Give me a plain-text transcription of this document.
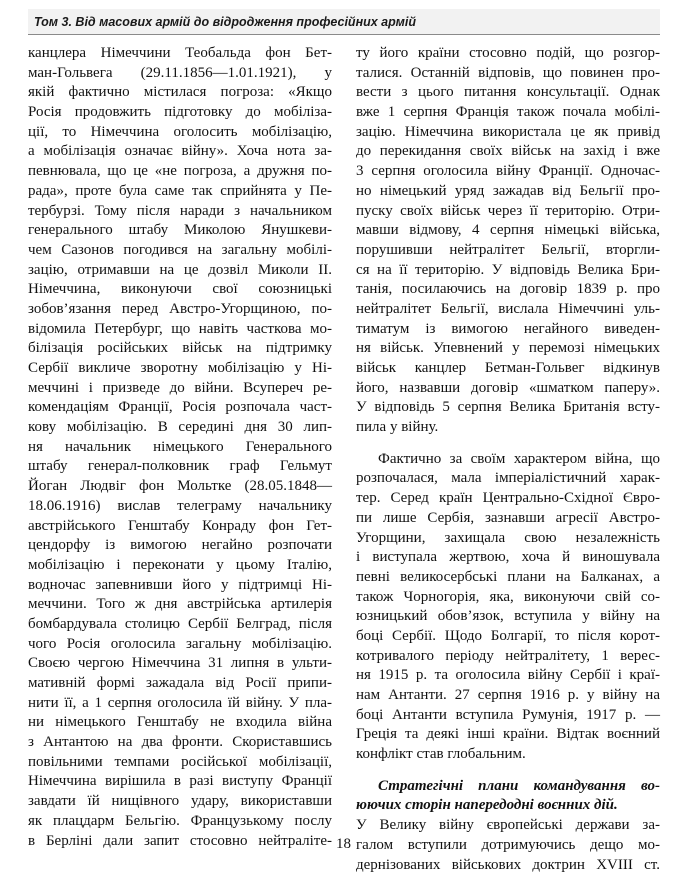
Том 3. Від масових армій до відродження професійних армій
канцлера Німеччини Теобальда фон Бет-
ман-Гольвега (29.11.1856—1.01.1921), у
якій фактично містилася погроза: «Якщо
Росія продовжить підготовку до мобіліза-
ції, то Німеччина оголосить мобілізацію,
а мобілізація означає війну». Хоча нота за-
певнювала, що це «не погроза, а дружня по-
рада», проте була саме так сприйнята у Пе-
тербурзі. Тому після наради з начальником
генерального штабу Миколою Янушкеви-
чем Сазонов погодився на загальну мобілі-
зацію, отримавши на це дозвіл Миколи II.
Німеччина, виконуючи свої союзницькі
зобов’язання перед Австро-Угорщиною, по-
відомила Петербург, що навіть часткова мо-
білізація російських військ на підтримку
Сербії викличе зворотну мобілізацію у Ні-
меччині і призведе до війни. Всупереч ре-
комендаціям Франції, Росія розпочала част-
кову мобілізацію. В середині дня 30 лип-
ня начальник німецького Генерального
штабу генерал-полковник граф Гельмут
Йоган Людвіг фон Мольтке (28.05.1848—
18.06.1916) вислав телеграму начальнику
австрійського Генштабу Конраду фон Гет-
цендорфу із вимогою негайно розпочати
мобілізацію і переконати у цьому Італію,
водночас запевнивши його у підтримці Ні-
меччини. Того ж дня австрійська артилерія
бомбардувала столицю Сербії Белград, після
чого Росія оголосила загальну мобілізацію.
Своєю чергою Німеччина 31 липня в ульти-
мативній формі зажадала від Росії припи-
нити її, а 1 серпня оголосила їй війну. У пла-
ни німецького Генштабу не входила війна
з Антантою на два фронти. Скориставшись
повільними темпами російської мобілізації,
Німеччина вирішила в разі виступу Франції
завдати їй нищівного удару, використавши
як плацдарм Бельгію. Французькому послу
в Берліні дали запит стосовно нейтраліте-
ту його країни стосовно подій, що розгор-
талися. Останній відповів, що повинен про-
вести з цього питання консультації. Однак
вже 1 серпня Франція також почала мобілі-
зацію. Німеччина використала це як привід
до перекидання своїх військ на захід і вже
3 серпня оголосила війну Франції. Одночас-
но німецький уряд зажадав від Бельгії про-
пуску своїх військ через її територію. Отри-
мавши відмову, 4 серпня німецькі війська,
порушивши нейтралітет Бельгії, вторгли-
ся на її територію. У відповідь Велика Бри-
танія, посилаючись на договір 1839 р. про
нейтралітет Бельгії, вислала Німеччині уль-
тиматум із вимогою негайного виведен-
ня військ. Упевнений у перемозі німецьких
військ канцлер Бетман-Гольвег відкинув
його, назвавши договір «шматком паперу».
У відповідь 5 серпня Велика Британія всту-
пила у війну.
Фактично за своїм характером війна, що
розпочалася, мала імперіалістичний харак-
тер. Серед країн Центрально-Східної Євро-
пи лише Сербія, зазнавши агресії Австро-
Угорщини, захищала свою незалежність
і виступала жертвою, хоча й виношувала
певні великосербські плани на Балканах, а
також Чорногорія, яка, виконуючи свій со-
юзницький обов’язок, вступила у війну на
боці Сербії. Щодо Болгарії, то після корот-
котривалого періоду нейтралітету, 1 верес-
ня 1915 р. та оголосила війну Сербії і краї-
нам Антанти. 27 серпня 1916 р. у війну на
боці Антанти вступила Румунія, 1917 р. —
Греція та деякі інші країни. Відтак воєнний
конфлікт став глобальним.
Стратегічні плани командування во-
юючих сторін напередодні воєнних дій.
У Велику війну європейські держави за-
галом вступили дотримуючись дещо мо-
дернізованих військових доктрин XVIII ст.
18
